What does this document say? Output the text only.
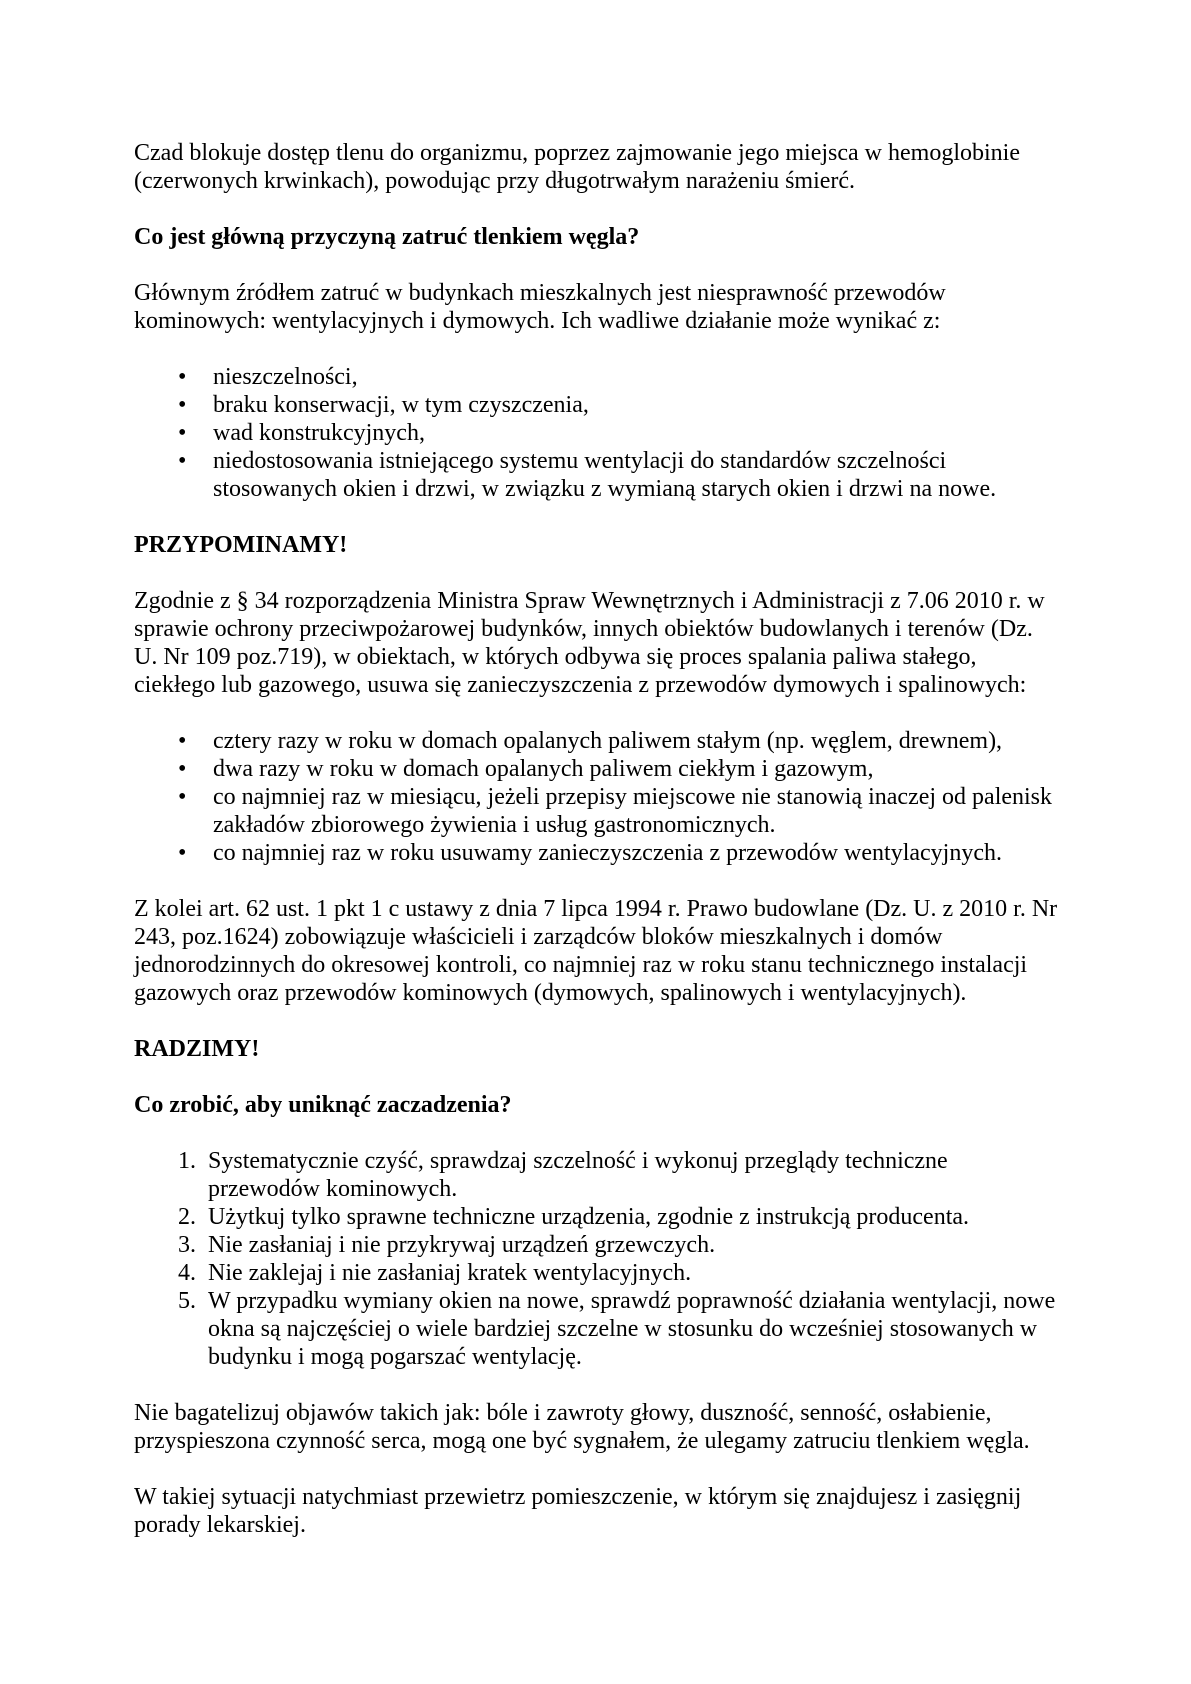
Czad blokuje dostęp tlenu do organizmu, poprzez zajmowanie jego miejsca w hemoglobinie (czerwonych krwinkach), powodując przy długotrwałym narażeniu śmierć.

Co jest główną przyczyną zatruć tlenkiem węgla?

Głównym źródłem zatruć w budynkach mieszkalnych jest niesprawność przewodów kominowych: wentylacyjnych i dymowych. Ich wadliwe działanie może wynikać z:

•
nieszczelności,
•
braku konserwacji, w tym czyszczenia,
•
wad konstrukcyjnych,
•
niedostosowania istniejącego systemu wentylacji do standardów szczelności stosowanych okien i drzwi, w związku z wymianą starych okien i drzwi na nowe.
PRZYPOMINAMY!

Zgodnie z § 34 rozporządzenia Ministra Spraw Wewnętrznych i Administracji z 7.06 2010 r. w sprawie ochrony przeciwpożarowej budynków, innych obiektów budowlanych i terenów (Dz. U. Nr 109 poz.719), w obiektach, w których odbywa się proces spalania paliwa stałego, ciekłego lub gazowego, usuwa się zanieczyszczenia z przewodów dymowych i spalinowych:

•
cztery razy w roku w domach opalanych paliwem stałym (np. węglem, drewnem),
•
dwa razy w roku w domach opalanych paliwem ciekłym i gazowym,
•
co najmniej raz w miesiącu, jeżeli przepisy miejscowe nie stanowią inaczej od palenisk zakładów zbiorowego żywienia i usług gastronomicznych.
•
co najmniej raz w roku usuwamy zanieczyszczenia z przewodów wentylacyjnych.

Z kolei art. 62 ust. 1 pkt 1 c ustawy z dnia 7 lipca 1994 r. Prawo budowlane (Dz. U. z 2010 r. Nr 243, poz.1624) zobowiązuje właścicieli i zarządców bloków mieszkalnych i domów jednorodzinnych do okresowej kontroli, co najmniej raz w roku stanu technicznego instalacji gazowych oraz przewodów kominowych (dymowych, spalinowych i wentylacyjnych).

RADZIMY!
Co zrobić, aby uniknąć zaczadzenia?
1. Systematycznie czyść, sprawdzaj szczelność i wykonuj przeglądy techniczne przewodów kominowych.
2. Użytkuj tylko sprawne techniczne urządzenia, zgodnie z instrukcją producenta.
3. Nie zasłaniaj i nie przykrywaj urządzeń grzewczych.
4. Nie zaklejaj i nie zasłaniaj kratek wentylacyjnych.
5. W przypadku wymiany okien na nowe, sprawdź poprawność działania wentylacji, nowe okna są najczęściej o wiele bardziej szczelne w stosunku do wcześniej stosowanych w budynku i mogą pogarszać wentylację.

Nie bagatelizuj objawów takich jak: bóle i zawroty głowy, duszność, senność, osłabienie, przyspieszona czynność serca, mogą one być sygnałem, że ulegamy zatruciu tlenkiem węgla.

W takiej sytuacji natychmiast przewietrz pomieszczenie, w którym się znajdujesz i zasięgnij porady lekarskiej.
